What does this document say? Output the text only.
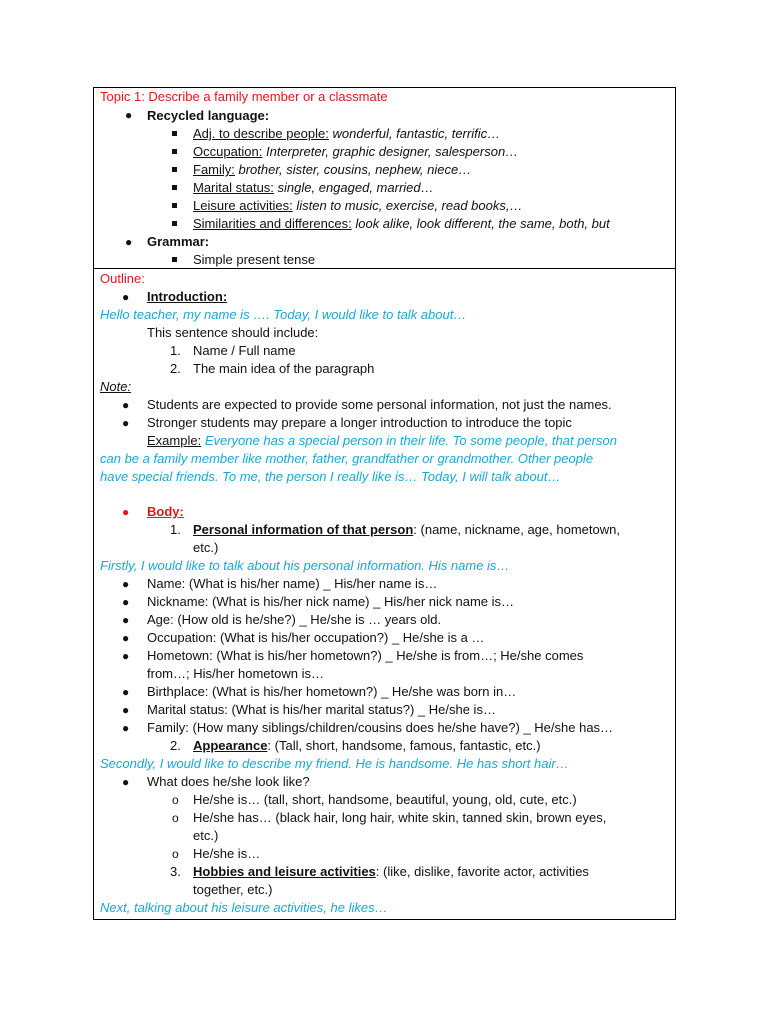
Topic 1: Describe a family member or a classmate
● Recycled language:
Adj. to describe people: wonderful, fantastic, terrific…
Occupation: Interpreter, graphic designer, salesperson…
Family: brother, sister, cousins, nephew, niece…
Marital status: single, engaged, married…
Leisure activities: listen to music, exercise, read books,…
Similarities and differences: look alike, look different, the same, both, but
● Grammar:
Simple present tense
Outline:
● Introduction:
Hello teacher, my name is …. Today, I would like to talk about…
This sentence should include:
1. Name / Full name
2. The main idea of the paragraph
Note:
● Students are expected to provide some personal information, not just the names.
● Stronger students may prepare a longer introduction to introduce the topic
Example: Everyone has a special person in their life. To some people, that person
can be a family member like mother, father, grandfather or grandmother. Other people
have special friends. To me, the person I really like is… Today, I will talk about…
● Body:
1. Personal information of that person: (name, nickname, age, hometown,
etc.)
Firstly, I would like to talk about his personal information. His name is…
● Name: (What is his/her name) _ His/her name is…
● Nickname: (What is his/her nick name) _ His/her nick name is…
● Age: (How old is he/she?) _ He/she is … years old.
● Occupation: (What is his/her occupation?) _ He/she is a …
● Hometown: (What is his/her hometown?) _ He/she is from…; He/she comes
from…; His/her hometown is…
● Birthplace: (What is his/her hometown?) _ He/she was born in…
● Marital status: (What is his/her marital status?) _ He/she is…
● Family: (How many siblings/children/cousins does he/she have?) _ He/she has…
2. Appearance: (Tall, short, handsome, famous, fantastic, etc.)
Secondly, I would like to describe my friend. He is handsome. He has short hair…
● What does he/she look like?
o He/she is… (tall, short, handsome, beautiful, young, old, cute, etc.)
o He/she has… (black hair, long hair, white skin, tanned skin, brown eyes,
etc.)
o He/she is…
3. Hobbies and leisure activities: (like, dislike, favorite actor, activities
together, etc.)
Next, talking about his leisure activities, he likes…
